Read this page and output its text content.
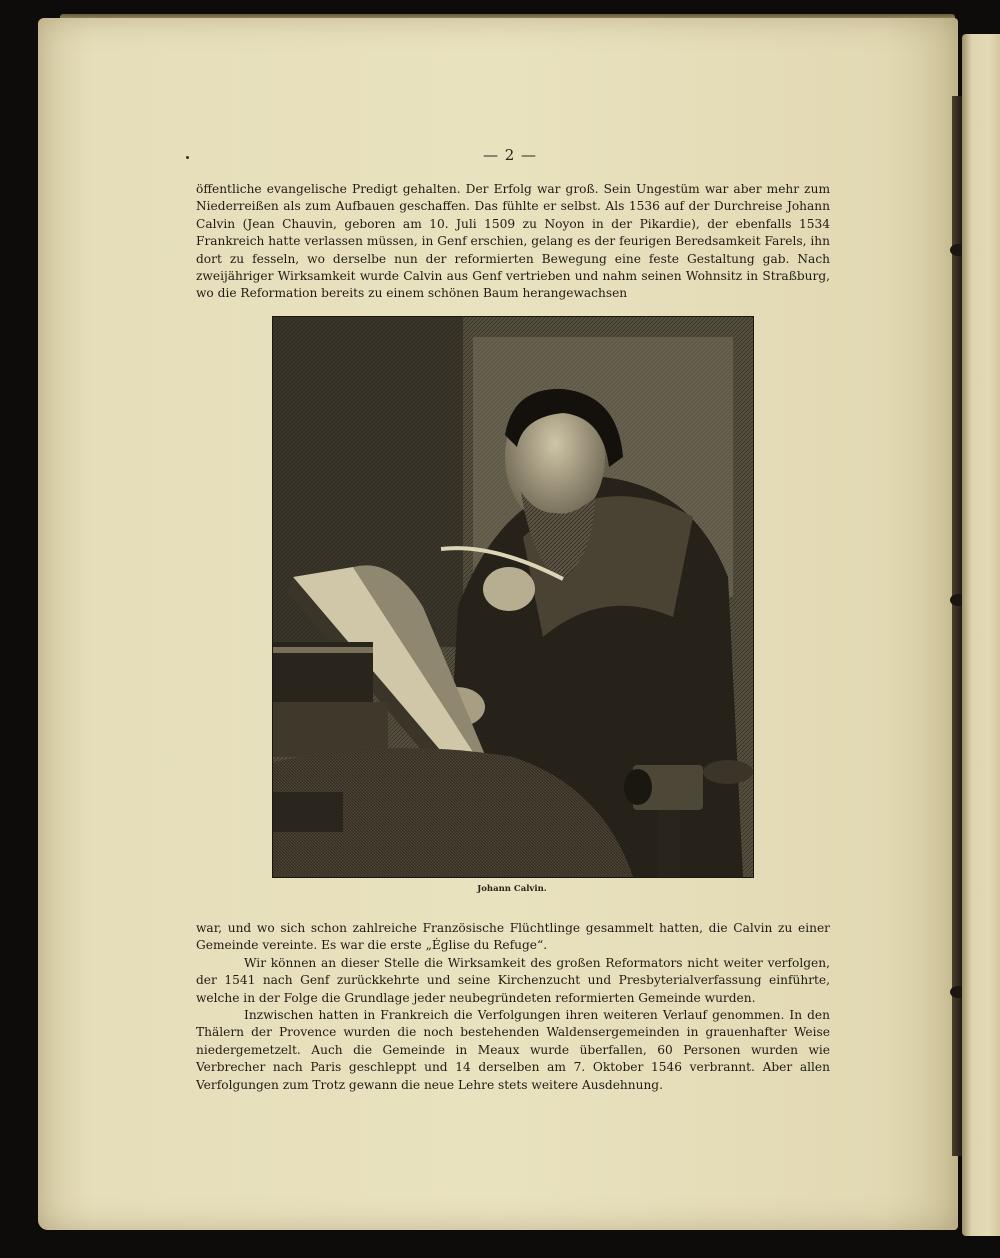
— 2 —

öffentliche evangelische Predigt gehalten. Der Erfolg war groß. Sein Ungestüm war aber mehr zum Niederreißen als zum Aufbauen geschaffen. Das fühlte er selbst. Als 1536 auf der Durchreise Johann Calvin (Jean Chauvin, geboren am 10. Juli 1509 zu Noyon in der Pikardie), der ebenfalls 1534 Frankreich hatte verlassen müssen, in Genf erschien, gelang es der feurigen Beredsamkeit Farels, ihn dort zu fesseln, wo derselbe nun der reformierten Bewegung eine feste Gestaltung gab. Nach zweijähriger Wirksamkeit wurde Calvin aus Genf vertrieben und nahm seinen Wohnsitz in Straßburg, wo die Reformation bereits zu einem schönen Baum herangewachsen

Johann Calvin.

war, und wo sich schon zahlreiche Französische Flüchtlinge gesammelt hatten, die Calvin zu einer Gemeinde vereinte. Es war die erste „Église du Refuge“.

Wir können an dieser Stelle die Wirksamkeit des großen Reformators nicht weiter verfolgen, der 1541 nach Genf zurückkehrte und seine Kirchenzucht und Presbyterialverfassung einführte, welche in der Folge die Grundlage jeder neubegründeten reformierten Gemeinde wurden.

Inzwischen hatten in Frankreich die Verfolgungen ihren weiteren Verlauf genommen. In den Thälern der Provence wurden die noch bestehenden Waldensergemeinden in grauenhafter Weise niedergemetzelt. Auch die Gemeinde in Meaux wurde überfallen, 60 Personen wurden wie Verbrecher nach Paris geschleppt und 14 derselben am 7. Oktober 1546 verbrannt. Aber allen Verfolgungen zum Trotz gewann die neue Lehre stets weitere Ausdehnung.
